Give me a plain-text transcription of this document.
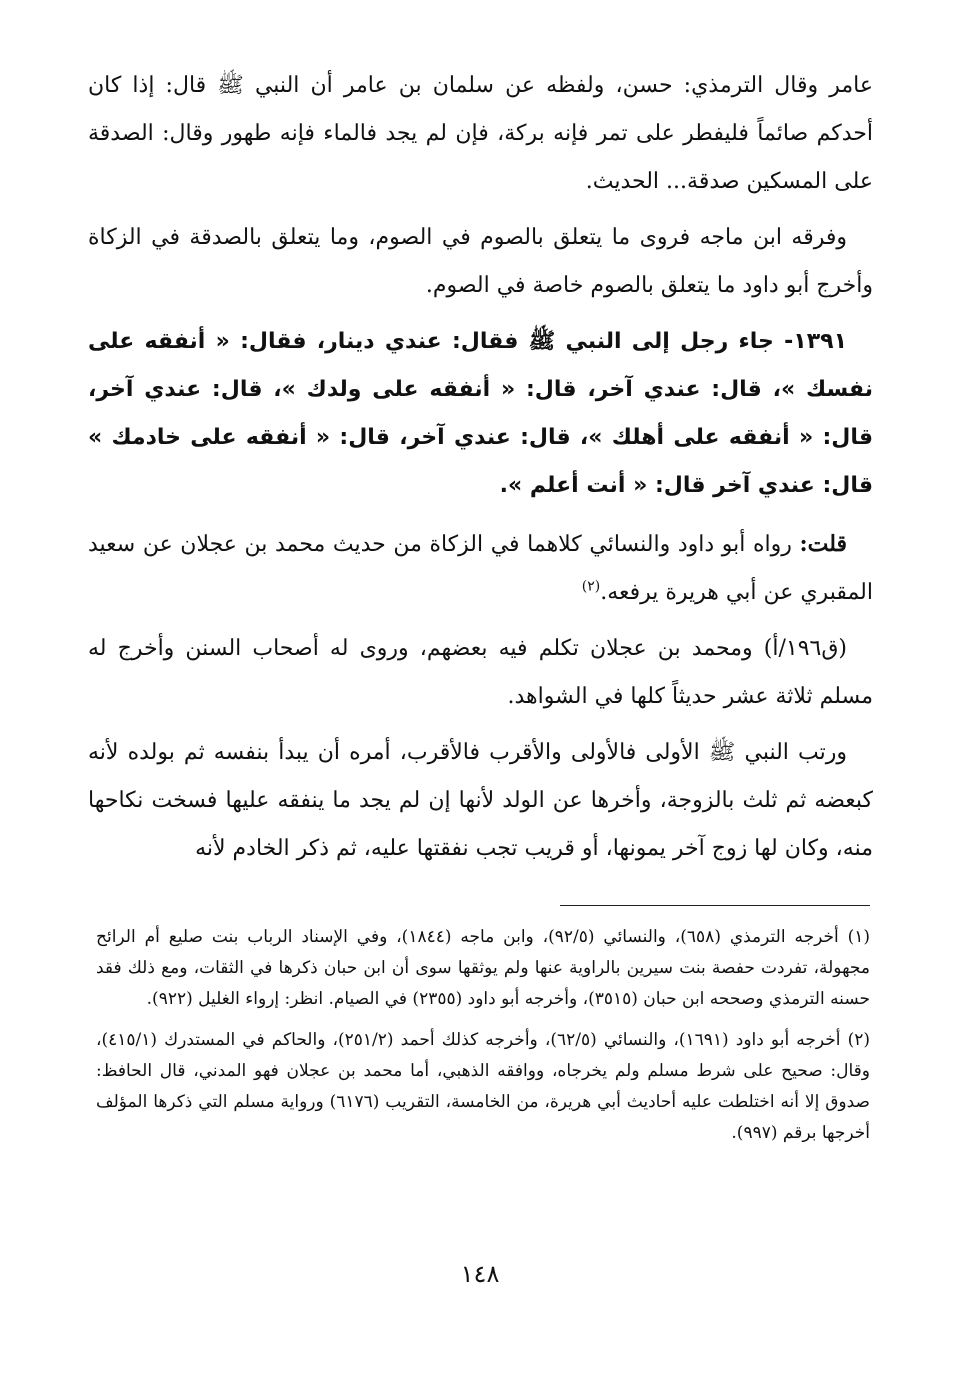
عامر وقال الترمذي: حسن، ولفظه عن سلمان بن عامر أن النبي ﷺ قال: إذا كان أحدكم صائماً فليفطر على تمر فإنه بركة، فإن لم يجد فالماء فإنه طهور وقال: الصدقة على المسكين صدقة... الحديث.

وفرقه ابن ماجه فروى ما يتعلق بالصوم في الصوم، وما يتعلق بالصدقة في الزكاة وأخرج أبو داود ما يتعلق بالصوم خاصة في الصوم.

١٣٩١- جاء رجل إلى النبي ﷺ فقال: عندي دينار، فقال: « أنفقه على نفسك »، قال: عندي آخر، قال: « أنفقه على ولدك »، قال: عندي آخر، قال: « أنفقه على أهلك »، قال: عندي آخر، قال: « أنفقه على خادمك » قال: عندي آخر قال: « أنت أعلم ».

قلت: رواه أبو داود والنسائي كلاهما في الزكاة من حديث محمد بن عجلان عن سعيد المقبري عن أبي هريرة يرفعه.$^{(٢)}$

(ق١٩٦/أ) ومحمد بن عجلان تكلم فيه بعضهم، وروى له أصحاب السنن وأخرج له مسلم ثلاثة عشر حديثاً كلها في الشواهد.

ورتب النبي ﷺ الأولى فالأولى والأقرب فالأقرب، أمره أن يبدأ بنفسه ثم بولده لأنه كبعضه ثم ثلث بالزوجة، وأخرها عن الولد لأنها إن لم يجد ما ينفقه عليها فسخت نكاحها منه، وكان لها زوج آخر يمونها، أو قريب تجب نفقتها عليه، ثم ذكر الخادم لأنه

(١) أخرجه الترمذي (٦٥٨)، والنسائي (٩٢/٥)، وابن ماجه (١٨٤٤)، وفي الإسناد الرباب بنت صليع أم الرائح مجهولة، تفردت حفصة بنت سيرين بالراوية عنها ولم يوثقها سوى أن ابن حبان ذكرها في الثقات، ومع ذلك فقد حسنه الترمذي وصححه ابن حبان (٣٥١٥)، وأخرجه أبو داود (٢٣٥٥) في الصيام. انظر: إرواء الغليل (٩٢٢).

(٢) أخرجه أبو داود (١٦٩١)، والنسائي (٦٢/٥)، وأخرجه كذلك أحمد (٢٥١/٢)، والحاكم في المستدرك (٤١٥/١)، وقال: صحيح على شرط مسلم ولم يخرجاه، ووافقه الذهبي، أما محمد بن عجلان فهو المدني، قال الحافظ: صدوق إلا أنه اختلطت عليه أحاديث أبي هريرة، من الخامسة، التقريب (٦١٧٦) ورواية مسلم التي ذكرها المؤلف أخرجها برقم (٩٩٧).

١٤٨
